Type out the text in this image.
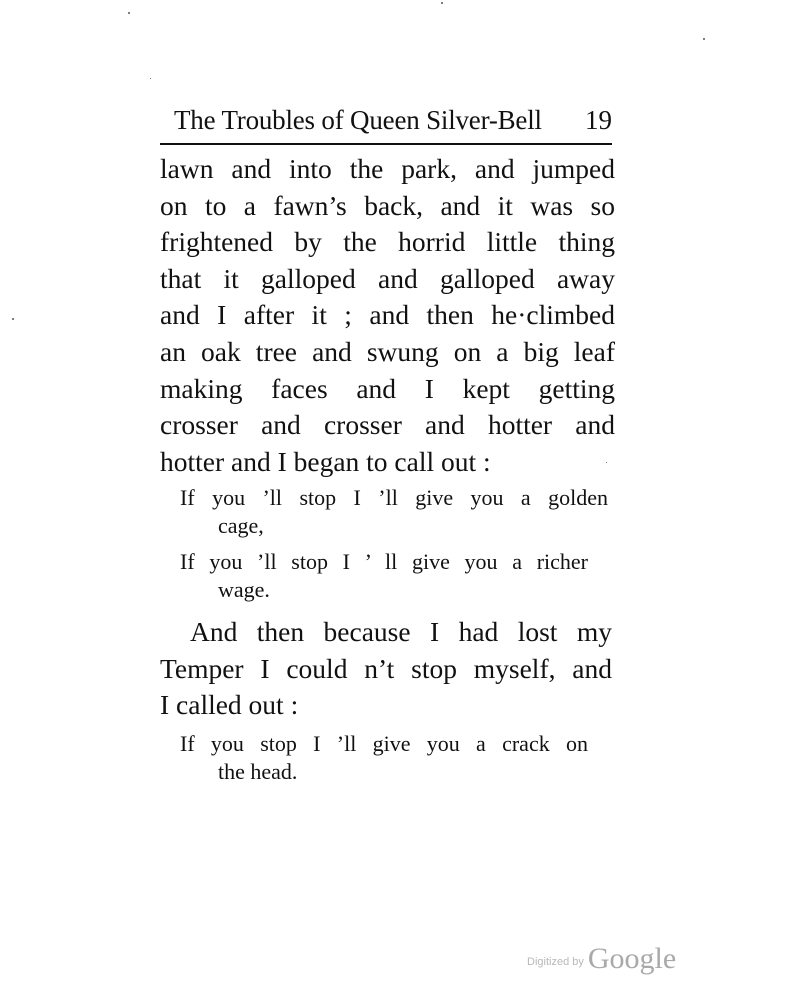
The Troubles of Queen Silver-Bell 19
lawn and into the park, and jumped
on to a fawn’s back, and it was so
frightened by the horrid little thing
that it galloped and galloped away
and I after it ; and then he·climbed
an oak tree and swung on a big leaf
making faces and I kept getting
crosser and crosser and hotter and
hotter and I began to call out :
If you ’ll stop I ’ll give you a golden
cage,
If you ’ll stop I ’ ll give you a richer
wage.
And then because I had lost my
Temper I could n’t stop myself, and
I called out :
If you stop I ’ll give you a crack on
the head.
Digitized by Google
